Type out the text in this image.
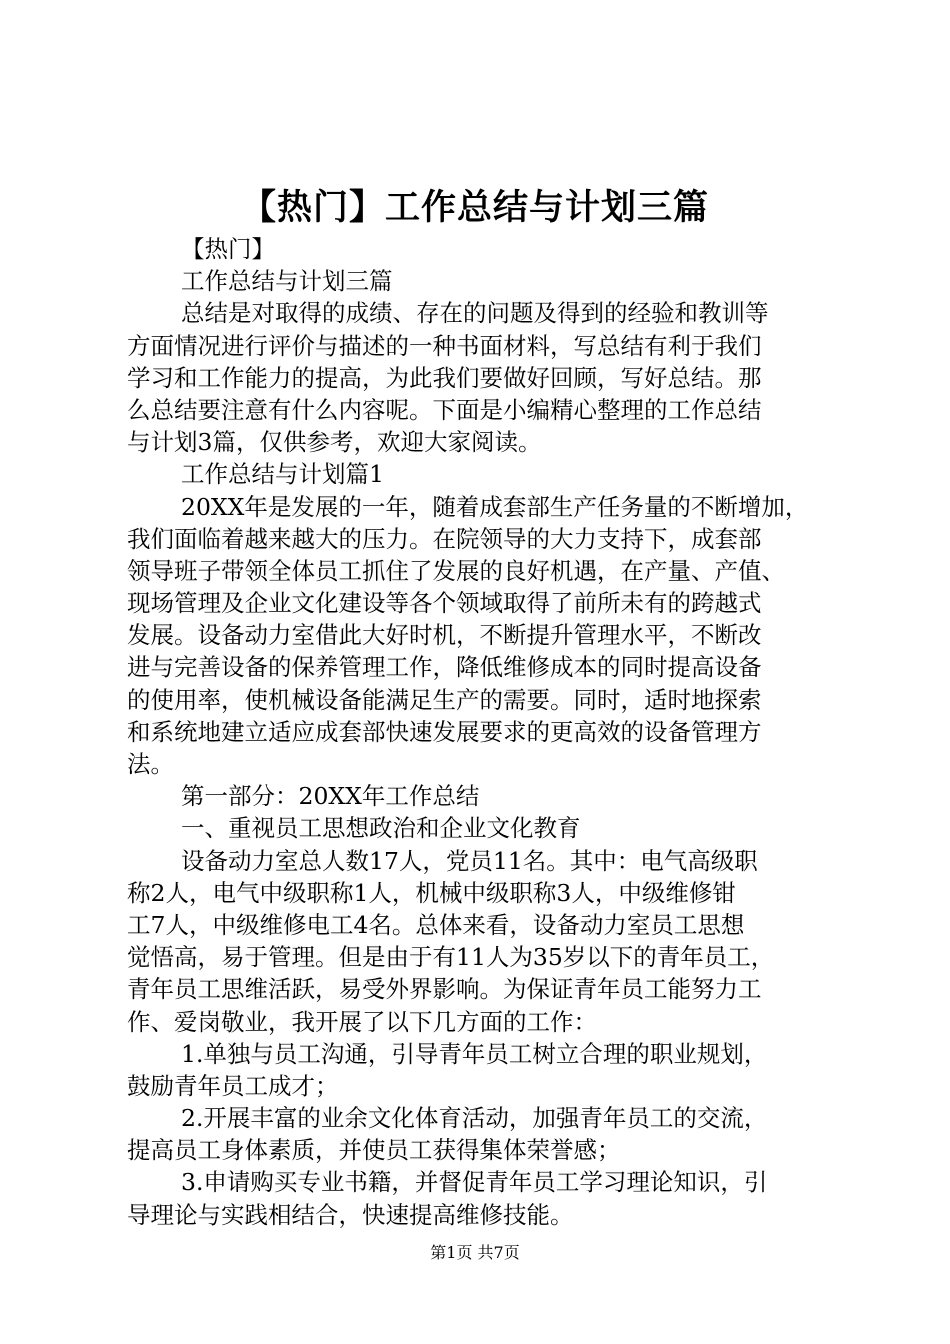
【热门】工作总结与计划三篇
【热门】
工作总结与计划三篇
总结是对取得的成绩、存在的问题及得到的经验和教训等
方面情况进行评价与描述的一种书面材料，写总结有利于我们
学习和工作能力的提高，为此我们要做好回顾，写好总结。那
么总结要注意有什么内容呢。下面是小编精心整理的工作总结
与计划3篇，仅供参考，欢迎大家阅读。
工作总结与计划篇1
20XX年是发展的一年，随着成套部生产任务量的不断增加，
我们面临着越来越大的压力。在院领导的大力支持下，成套部
领导班子带领全体员工抓住了发展的良好机遇，在产量、产值、
现场管理及企业文化建设等各个领域取得了前所未有的跨越式
发展。设备动力室借此大好时机，不断提升管理水平，不断改
进与完善设备的保养管理工作，降低维修成本的同时提高设备
的使用率，使机械设备能满足生产的需要。同时，适时地探索
和系统地建立适应成套部快速发展要求的更高效的设备管理方
法。
第一部分：20XX年工作总结
一、重视员工思想政治和企业文化教育
设备动力室总人数17人，党员11名。其中：电气高级职
称2人，电气中级职称1人，机械中级职称3人，中级维修钳
工7人，中级维修电工4名。总体来看，设备动力室员工思想
觉悟高，易于管理。但是由于有11人为35岁以下的青年员工，
青年员工思维活跃，易受外界影响。为保证青年员工能努力工
作、爱岗敬业，我开展了以下几方面的工作：
1.单独与员工沟通，引导青年员工树立合理的职业规划，
鼓励青年员工成才；
2.开展丰富的业余文化体育活动，加强青年员工的交流，
提高员工身体素质，并使员工获得集体荣誉感；
3.申请购买专业书籍，并督促青年员工学习理论知识，引
导理论与实践相结合，快速提高维修技能。
第1页 共7页
